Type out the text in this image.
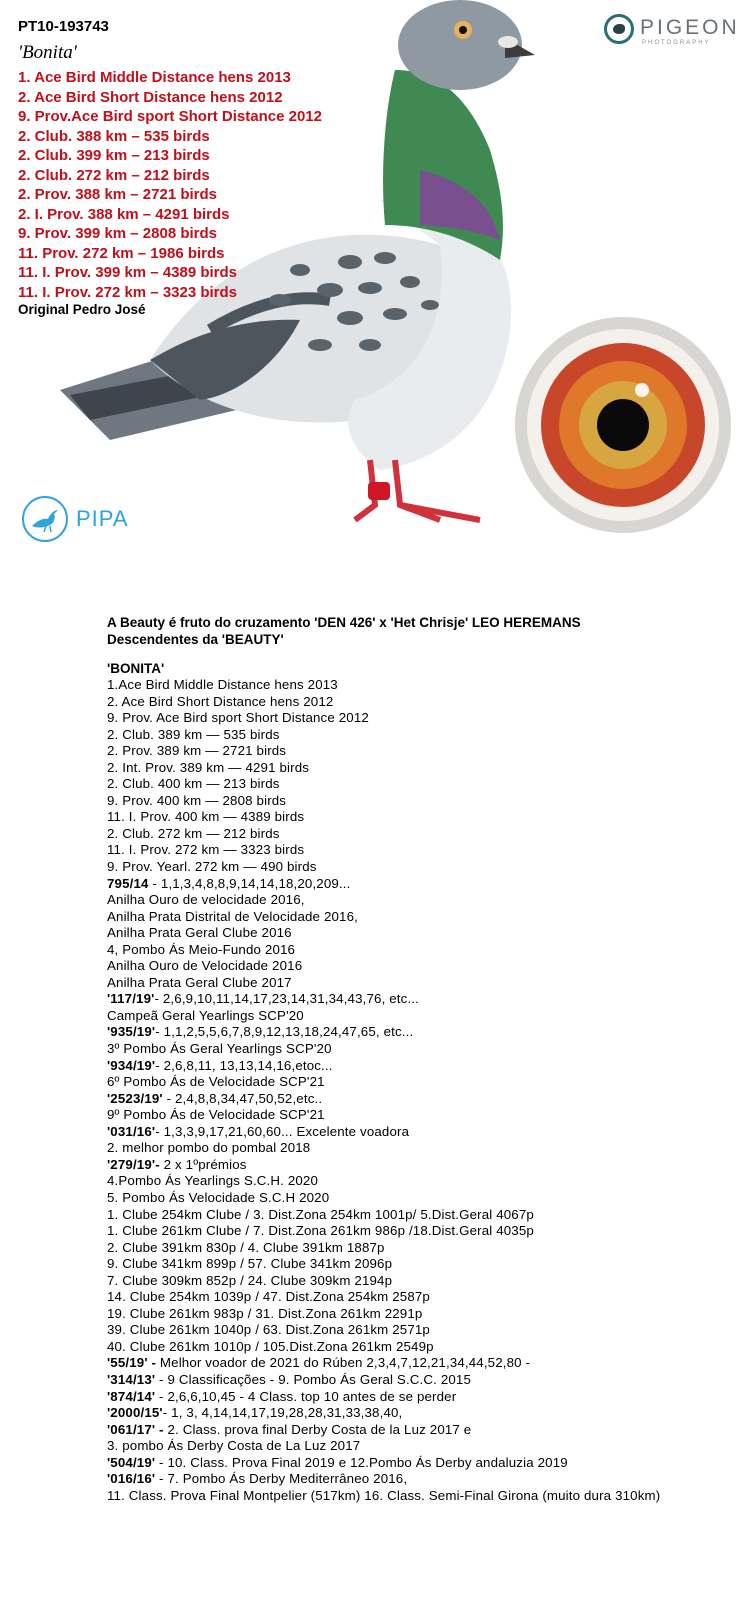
PT10-193743
'Bonita'
1. Ace Bird Middle Distance hens 2013
2. Ace Bird Short Distance hens 2012
9. Prov.Ace Bird sport Short Distance 2012
2. Club. 388 km – 535 birds
2. Club. 399 km – 213 birds
2. Club. 272 km – 212 birds
2. Prov. 388 km – 2721 birds
2. I. Prov. 388 km – 4291 birds
9. Prov. 399 km – 2808 birds
11. Prov. 272 km – 1986 birds
11. I. Prov. 399 km – 4389 birds
11. I. Prov. 272 km – 3323 birds
Original Pedro José
PIGEON
PHOTOGRAPHY
PIPA

A Beauty é fruto do cruzamento 'DEN 426' x 'Het Chrisje' LEO HEREMANS

Descendentes da 'BEAUTY'

'BONITA'

1.Ace Bird Middle Distance hens 2013

2. Ace Bird Short Distance hens 2012

9. Prov. Ace Bird sport Short Distance 2012

2. Club. 389 km — 535 birds

2. Prov. 389 km — 2721 birds

2. Int. Prov. 389 km — 4291 birds

2. Club. 400 km — 213 birds

9. Prov. 400 km — 2808 birds

11. I. Prov. 400 km — 4389 birds

2. Club. 272 km — 212 birds

11. I. Prov. 272 km — 3323 birds

9. Prov. Yearl. 272 km — 490 birds

795/14 - 1,1,3,4,8,8,9,14,14,18,20,209...

Anilha Ouro de velocidade 2016,

Anilha Prata Distrital de Velocidade 2016,

Anilha Prata Geral Clube 2016

4, Pombo Ás Meio-Fundo 2016

Anilha Ouro de Velocidade 2016

Anilha Prata Geral Clube 2017

'117/19'- 2,6,9,10,11,14,17,23,14,31,34,43,76, etc...

Campeã Geral Yearlings SCP'20

'935/19'- 1,1,2,5,5,6,7,8,9,12,13,18,24,47,65, etc...

3º Pombo Ás Geral Yearlings SCP'20

'934/19'- 2,6,8,11, 13,13,14,16,etoc...

6º Pombo Ás de Velocidade SCP'21

'2523/19' - 2,4,8,8,34,47,50,52,etc..

9º Pombo Ás de Velocidade SCP'21

'031/16'- 1,3,3,9,17,21,60,60... Excelente voadora

2. melhor pombo do pombal 2018

'279/19'- 2 x 1ºprémios

4.Pombo Ás Yearlings S.C.H. 2020

5. Pombo Ás Velocidade S.C.H 2020

1. Clube 254km Clube / 3. Dist.Zona 254km 1001p/ 5.Dist.Geral 4067p

1. Clube 261km Clube / 7. Dist.Zona 261km 986p /18.Dist.Geral 4035p

2. Clube 391km 830p / 4. Clube 391km 1887p

9. Clube 341km 899p / 57. Clube 341km 2096p

7. Clube 309km 852p / 24. Clube 309km 2194p

14. Clube 254km 1039p / 47. Dist.Zona 254km 2587p

19. Clube 261km 983p / 31. Dist.Zona 261km 2291p

39. Clube 261km 1040p / 63. Dist.Zona 261km 2571p

40. Clube 261km 1010p / 105.Dist.Zona 261km 2549p

'55/19' - Melhor voador de 2021 do Rúben 2,3,4,7,12,21,34,44,52,80 -

'314/13' - 9 Classificações - 9. Pombo Ás Geral S.C.C. 2015

'874/14' - 2,6,6,10,45 - 4 Class. top 10 antes de se perder

'2000/15'- 1, 3, 4,14,14,17,19,28,28,31,33,38,40,

'061/17' - 2. Class. prova final Derby Costa de la Luz 2017 e

3. pombo Ás Derby Costa de La Luz 2017

'504/19' - 10. Class. Prova Final 2019 e 12.Pombo Ás Derby andaluzia 2019

'016/16' - 7. Pombo Ás Derby Mediterrâneo 2016,

11. Class. Prova Final Montpelier (517km) 16. Class. Semi-Final Girona (muito dura 310km)
